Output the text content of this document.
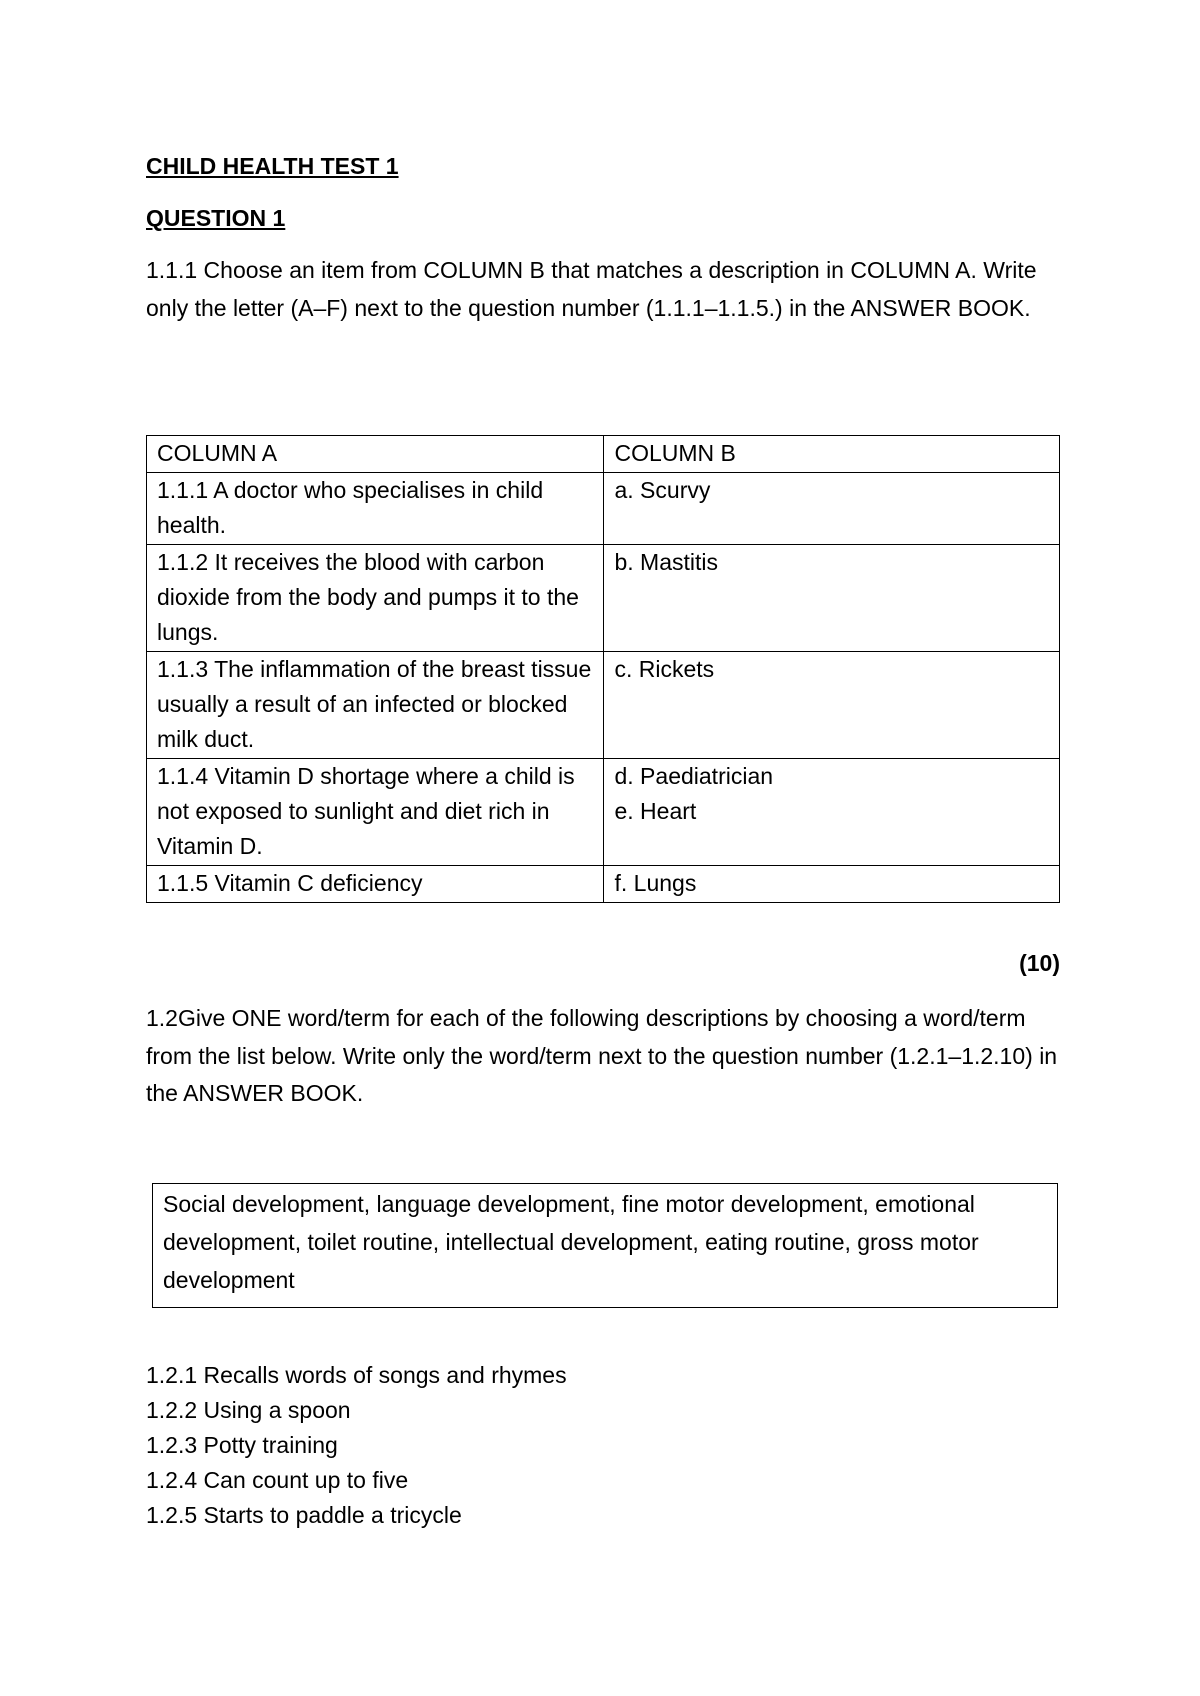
CHILD HEALTH TEST 1
QUESTION 1
1.1.1 Choose an item from COLUMN B that matches a description in COLUMN A. Write only the letter (A–F) next to the question number (1.1.1–1.1.5.) in the ANSWER BOOK.
COLUMN A	COLUMN B
1.1.1 A doctor who specialises in child health.	a. Scurvy
1.1.2 It receives the blood with carbon dioxide from the body and pumps it to the lungs.	b. Mastitis
1.1.3 The inflammation of the breast tissue usually a result of an infected or blocked milk duct.	c. Rickets
1.1.4 Vitamin D shortage where a child is not exposed to sunlight and diet rich in Vitamin D.	d. Paediatrician
e. Heart

1.1.5 Vitamin C deficiency	f. Lungs
(10)
1.2Give ONE word/term for each of the following descriptions by choosing a word/term from the list below. Write only the word/term next to the question number (1.2.1–1.2.10) in the ANSWER BOOK.
Social development, language development, fine motor development, emotional development, toilet routine, intellectual development, eating routine, gross motor development
1.2.1 Recalls words of songs and rhymes
1.2.2 Using a spoon
1.2.3 Potty training
1.2.4 Can count up to five
1.2.5 Starts to paddle a tricycle
